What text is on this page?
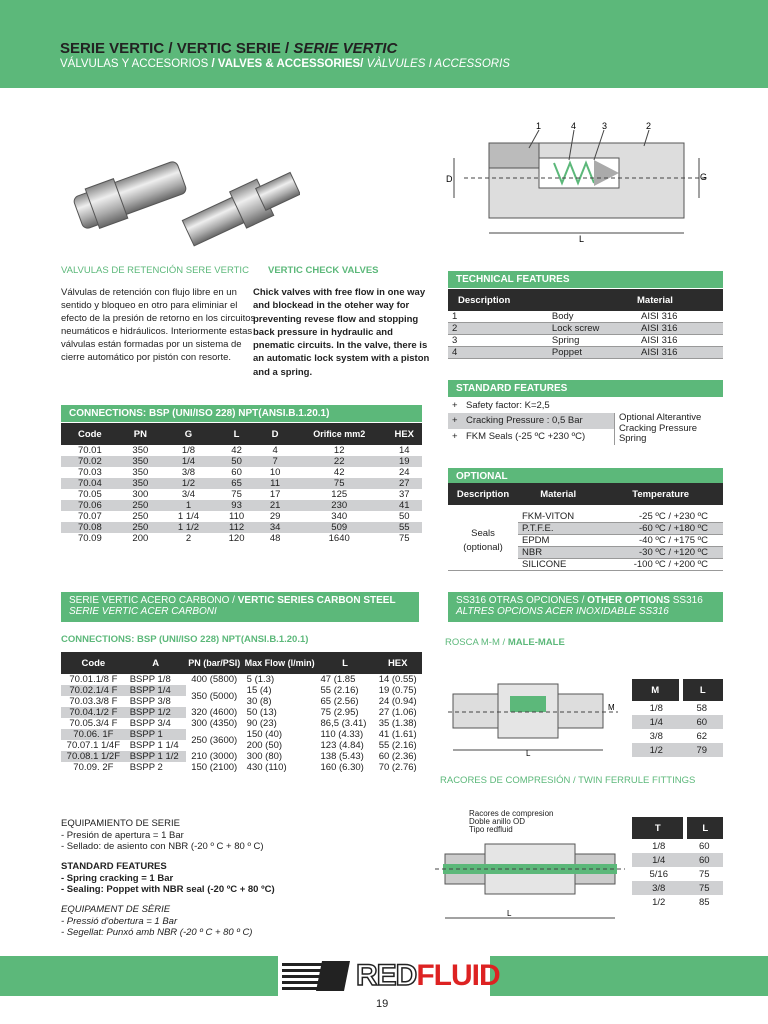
SERIE VERTIC / VERTIC SERIE / SERIE VERTIC
VÁLVULAS Y ACCESORIOS / VALVES & ACCESSORIES/ VÀLVULES I ACCESSORIS
D	G
L
1	4	3	2
VALVULAS DE RETENCIÓN SERE VERTIC VERTIC CHECK VALVES
Válvulas de retención con flujo libre en un sentido y bloqueo en otro para eliminiar el efecto de la presión de retorno en los circuitos neumáticos e hidráulicos. Interiormente estas válvulas están formadas por un sistema de cierre automático por pistón con resorte.
Chick valves with free flow in one way and blockead in the oteher way for preventing revese flow and stopping back pressure in hydraulic and pnematic circuits. In the valve, there is an automatic lock system with a piston and a spring.
TECHNICAL FEATURES
Description		Material
1	Body	AISI 316
2	Lock screw	AISI 316
3	Spring	AISI 316
4	Poppet	AISI 316
STANDARD FEATURES
+	Safety factor: K=2,5	
+	Cracking Pressure : 0,5 Bar	Optional Alterantive
Cracking Pressure
Spring
+	FKM Seals (-25 ºC +230 ºC)	
CONNECTIONS: BSP (UNI/ISO 228) NPT(ANSI.B.1.20.1)
Code	PN	G	L	D	Orifice mm2	HEX
70.01	350	1/8	42	4	12	14
70.02	350	1/4	50	7	22	19
70.03	350	3/8	60	10	42	24
70.04	350	1/2	65	11	75	27
70.05	300	3/4	75	17	125	37
70.06	250	1	93	21	230	41
70.07	250	1 1/4	110	29	340	50
70.08	250	1 1/2	112	34	509	55
70.09	200	2	120	48	1640	75
OPTIONAL
Description	Material	Temperature

Seals
(optional)	FKM-VITON	-25 ºC / +230 ºC
	P.T.F.E.	-60 ºC / +180 ºC
	EPDM	-40 ºC / +175 ºC
	NBR	-30 ºC / +120 ºC
	SILICONE	-100 ºC / +200 ºC
SERIE VERTIC ACERO CARBONO / VERTIC SERIES CARBON STEEL
SERIE VERTIC ACER CARBONI
CONNECTIONS: BSP (UNI/ISO 228) NPT(ANSI.B.1.20.1)
SS316 OTRAS OPCIONES / OTHER OPTIONS SS316
ALTRES OPCIONS ACER INOXIDABLE SS316
Code	A	PN (bar/PSI)	Max Flow (l/min)	L	HEX
70.01.1/8 F	BSPP 1/8	400 (5800)	5 (1.3)	47 (1.85	14 (0.55)
70.02.1/4 F	BSPP 1/4	350 (5000)	15 (4)	55 (2.16)	19 (0.75)
70.03.3/8 F	BSPP 3/8		30 (8)	65 (2.56)	24 (0.94)
70.04.1/2 F	BSPP 1/2	320 (4600)	50 (13)	75 (2.95)	27 (1.06)
70.05.3/4 F	BSPP 3/4	300 (4350)	90 (23)	86,5 (3.41)	35 (1.38)
70.06. 1F	BSPP 1	250 (3600)	150 (40)	110 (4.33)	41 (1.61)
70.07.1 1/4F	BSPP 1 1/4		200 (50)	123 (4.84)	55 (2.16)
70.08.1 1/2F	BSPP 1 1/2	210 (3000)	300 (80)	138 (5.43)	60 (2.36)
70.09. 2F	BSPP 2	150 (2100)	430 (110)	160 (6.30)	70 (2.76)
ROSCA M-M / MALE-MALE
L
M
M	L
1/8	58
1/4	60
3/8	62
1/2	79
RACORES DE COMPRESIÓN / TWIN FERRULE FITTINGS
Racores de compresion
Doble anillo OD
Tipo redfluid
L
T	L
1/8	60
1/4	60
5/16	75
3/8	75
1/2	85
EQUIPAMIENTO DE SERIE
- Presión de apertura = 1 Bar
- Sellado: de asiento con NBR (-20 º C + 80 º C)
STANDARD FEATURES
- Spring cracking = 1 Bar
- Sealing: Poppet with NBR seal (-20 ºC + 80 ºC)
EQUIPAMENT DE SÈRIE
- Pressió d'obertura = 1 Bar
- Segellat: Punxó amb NBR (-20 º C + 80 º C)
REDFLUID
19
